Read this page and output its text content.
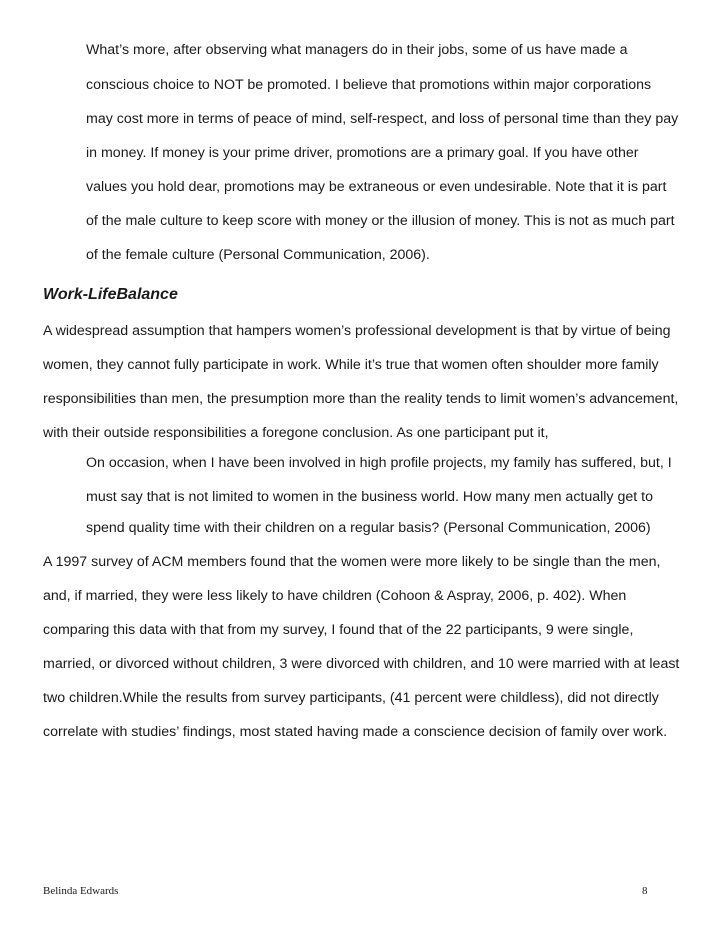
What’s more, after observing what managers do in their jobs, some of us have made a
conscious choice to NOT be promoted. I believe that promotions within major corporations
may cost more in terms of peace of mind, self-respect, and loss of personal time than they pay
in money. If money is your prime driver, promotions are a primary goal. If you have other
values you hold dear, promotions may be extraneous or even undesirable. Note that it is part
of the male culture to keep score with money or the illusion of money. This is not as much part
of the female culture (Personal Communication, 2006).
Work-LifeBalance
A widespread assumption that hampers women’s professional development is that by virtue of being
women, they cannot fully participate in work. While it’s true that women often shoulder more family
responsibilities than men, the presumption more than the reality tends to limit women’s advancement,
with their outside responsibilities a foregone conclusion. As one participant put it,
On occasion, when I have been involved in high profile projects, my family has suffered, but, I
must say that is not limited to women in the business world. How many men actually get to
spend quality time with their children on a regular basis? (Personal Communication, 2006)
A 1997 survey of ACM members found that the women were more likely to be single than the men,
and, if married, they were less likely to have children (Cohoon & Aspray, 2006, p. 402). When
comparing this data with that from my survey, I found that of the 22 participants, 9 were single,
married, or divorced without children, 3 were divorced with children, and 10 were married with at least
two children.While the results from survey participants, (41 percent were childless), did not directly
correlate with studies’ findings, most stated having made a conscience decision of family over work.
Belinda Edwards	8
